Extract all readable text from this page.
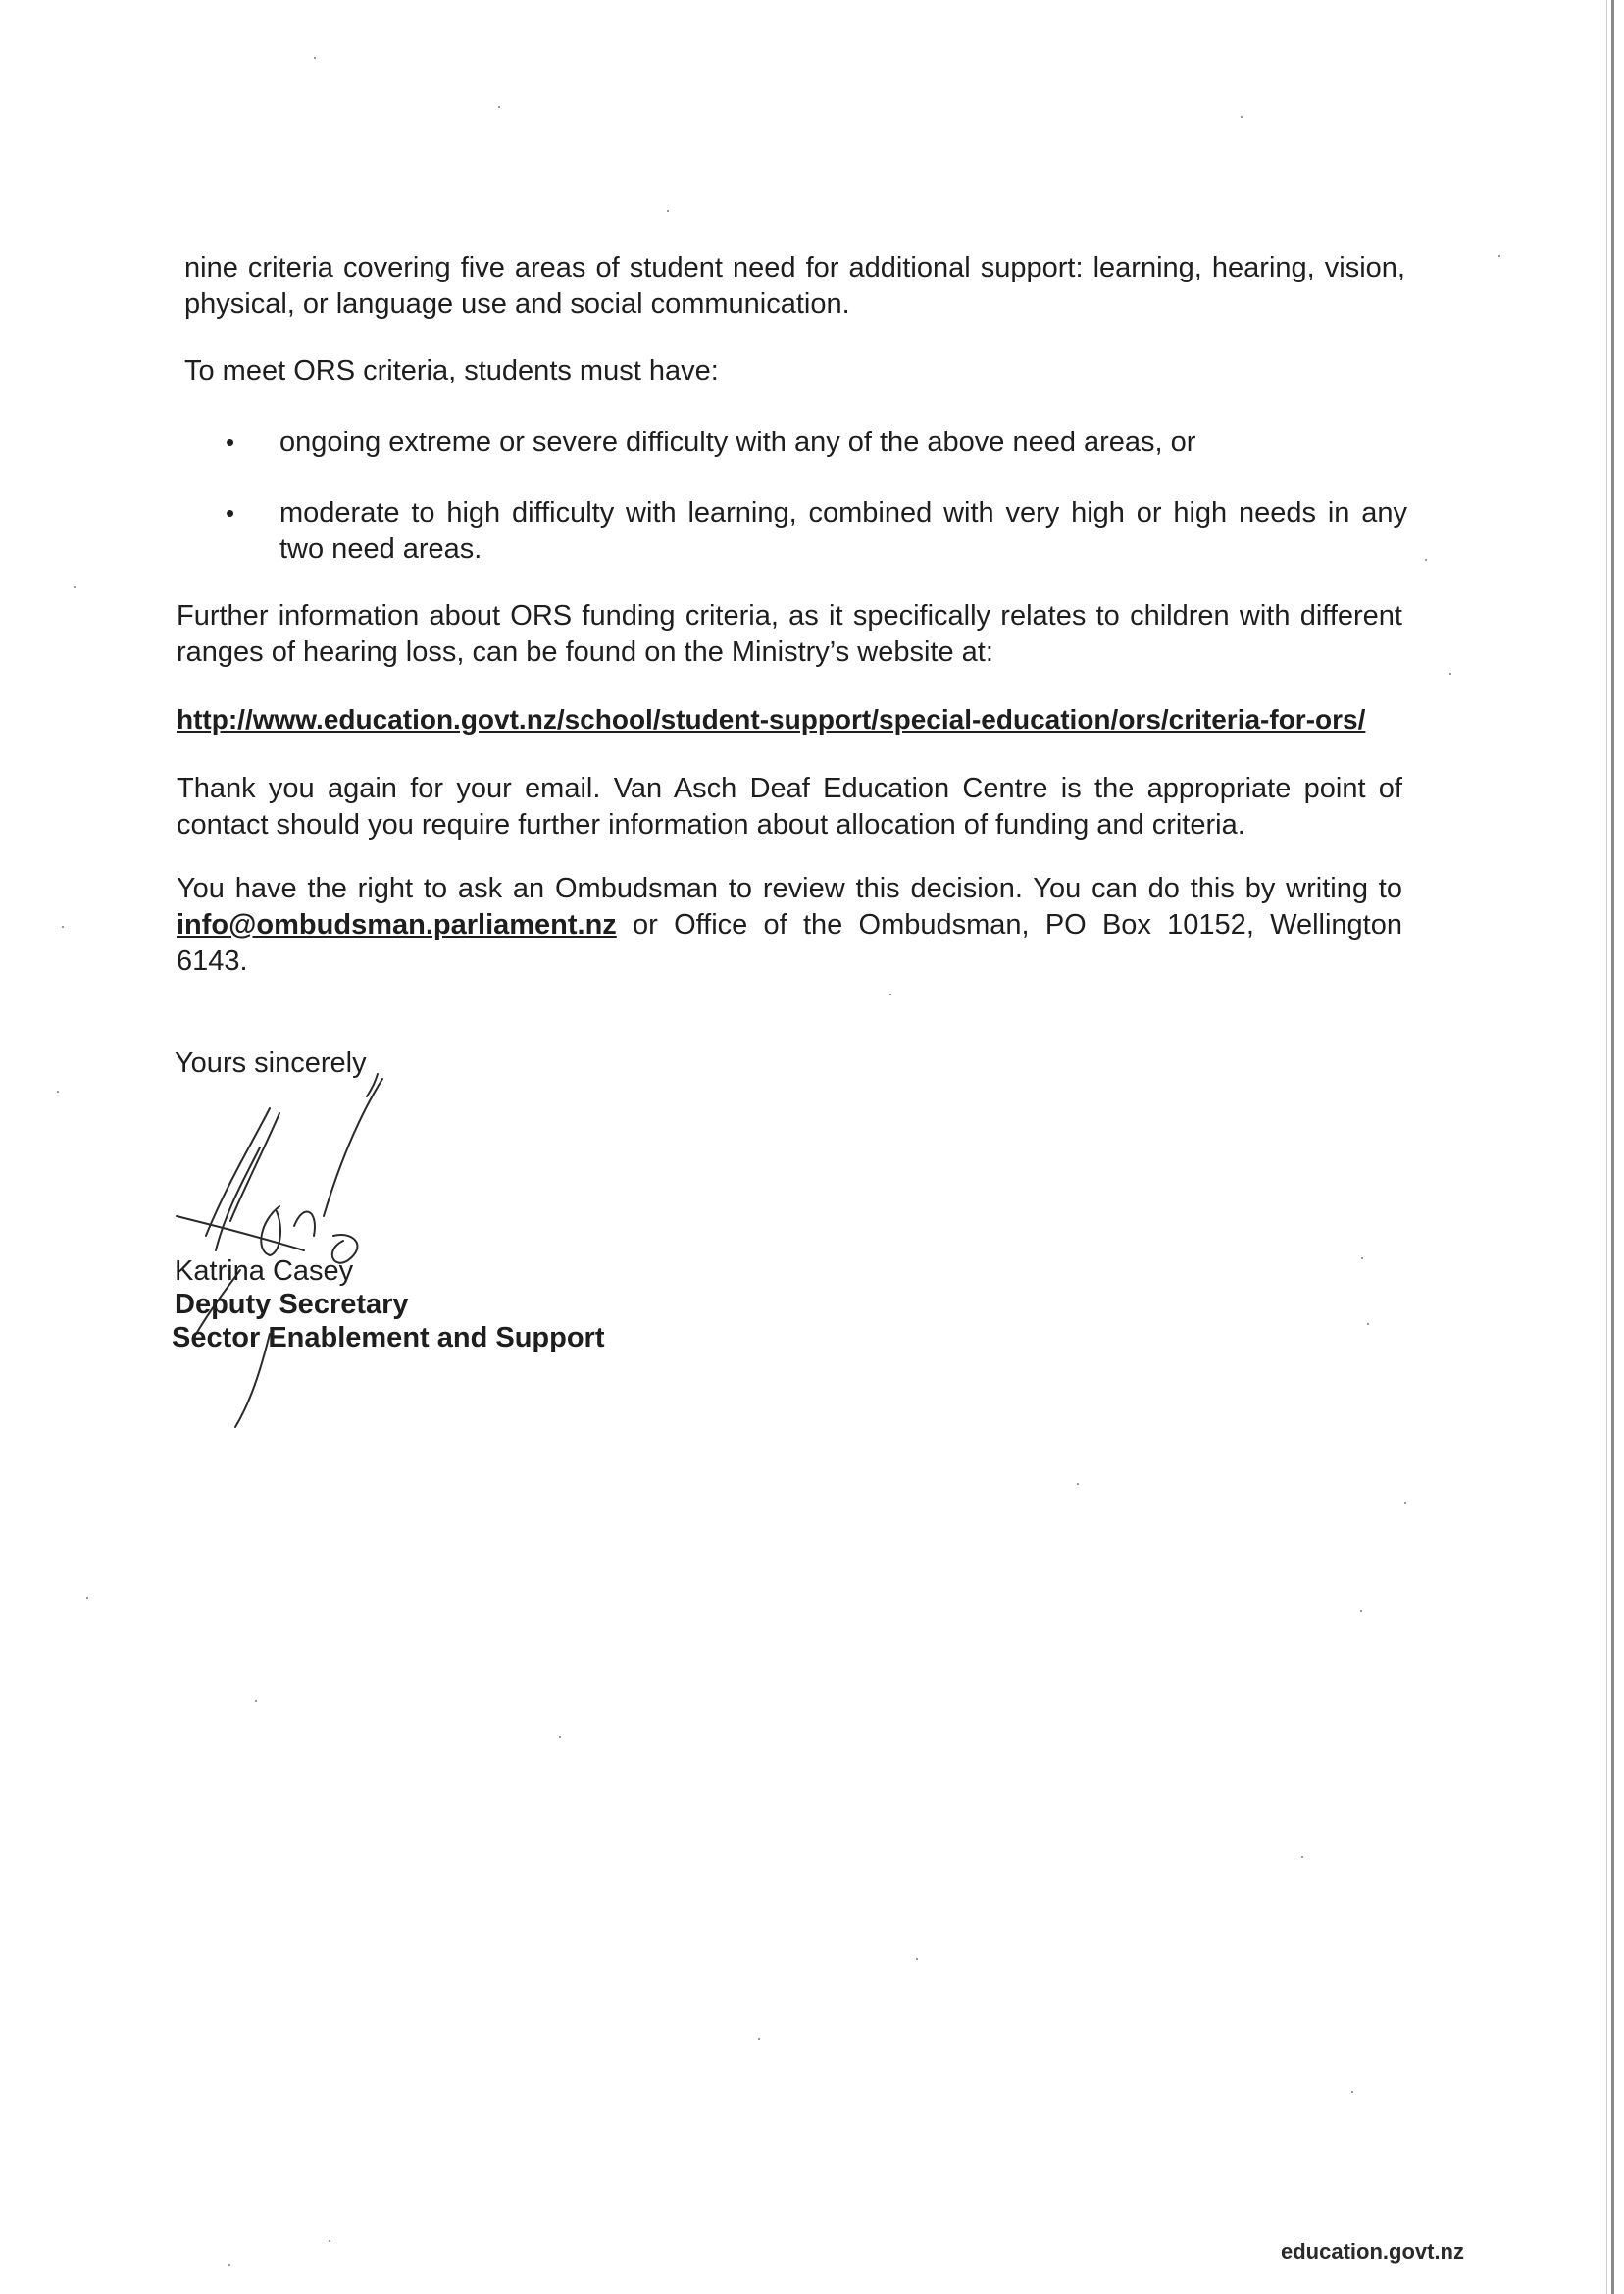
nine criteria covering five areas of student need for additional support: learning, hearing, vision, physical, or language use and social communication.
To meet ORS criteria, students must have:
•	ongoing extreme or severe difficulty with any of the above need areas, or
•	moderate to high difficulty with learning, combined with very high or high needs in any two need areas.
Further information about ORS funding criteria, as it specifically relates to children with different ranges of hearing loss, can be found on the Ministry’s website at:
http://www.education.govt.nz/school/student-support/special-education/ors/criteria-for-ors/
Thank you again for your email. Van Asch Deaf Education Centre is the appropriate point of contact should you require further information about allocation of funding and criteria.
You have the right to ask an Ombudsman to review this decision. You can do this by writing to info@ombudsman.parliament.nz or Office of the Ombudsman, PO Box 10152, Wellington 6143.
Yours sincerely
Katrina Casey
Deputy Secretary
Sector Enablement and Support
education.govt.nz
